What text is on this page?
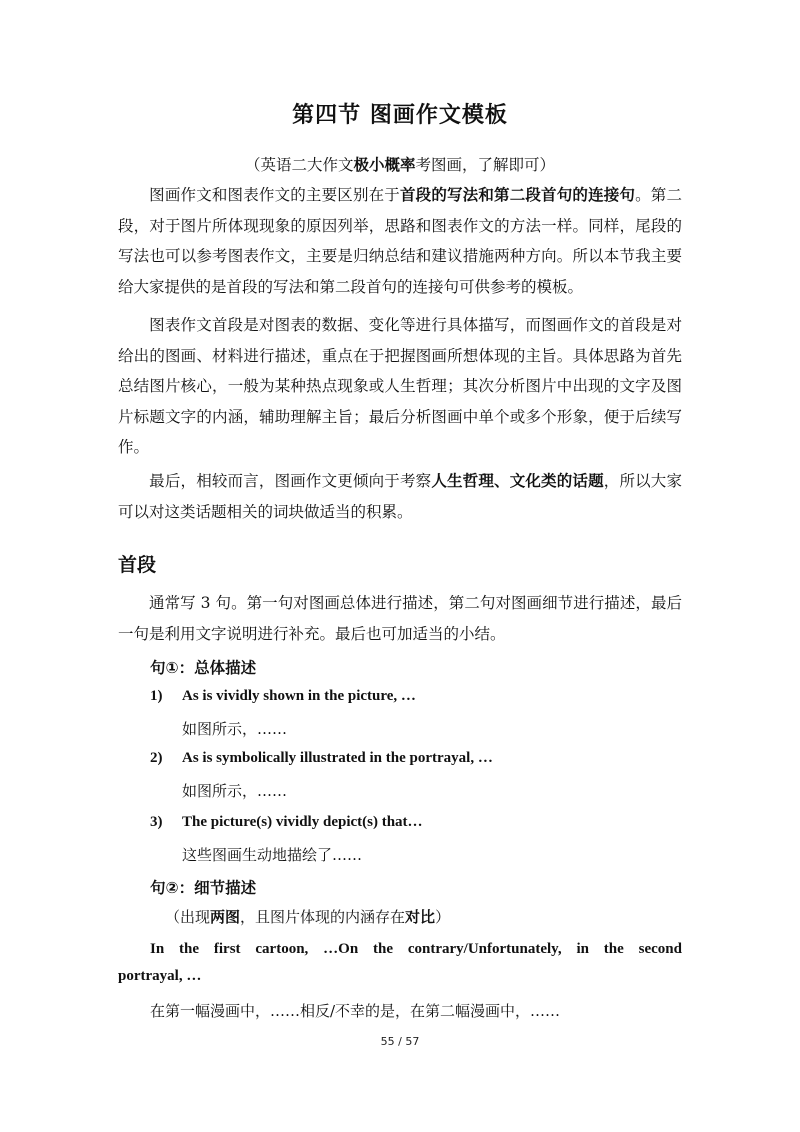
第四节 图画作文模板
（英语二大作文极小概率考图画，了解即可）
图画作文和图表作文的主要区别在于首段的写法和第二段首句的连接句。第二段，对于图片所体现现象的原因列举，思路和图表作文的方法一样。同样，尾段的写法也可以参考图表作文，主要是归纳总结和建议措施两种方向。所以本节我主要给大家提供的是首段的写法和第二段首句的连接句可供参考的模板。
图表作文首段是对图表的数据、变化等进行具体描写，而图画作文的首段是对给出的图画、材料进行描述，重点在于把握图画所想体现的主旨。具体思路为首先总结图片核心，一般为某种热点现象或人生哲理；其次分析图片中出现的文字及图片标题文字的内涵，辅助理解主旨；最后分析图画中单个或多个形象，便于后续写作。
最后，相较而言，图画作文更倾向于考察人生哲理、文化类的话题，所以大家可以对这类话题相关的词块做适当的积累。
首段
通常写 3 句。第一句对图画总体进行描述，第二句对图画细节进行描述，最后一句是利用文字说明进行补充。最后也可加适当的小结。
句①：总体描述
1) As is vividly shown in the picture, …
如图所示，……
2) As is symbolically illustrated in the portrayal, …
如图所示，……
3) The picture(s) vividly depict(s) that…
这些图画生动地描绘了……
句②：细节描述
（出现两图，且图片体现的内涵存在对比）
In the first cartoon, …On the contrary/Unfortunately, in the second
portrayal, …
在第一幅漫画中，……相反/不幸的是，在第二幅漫画中，……
55 / 57
